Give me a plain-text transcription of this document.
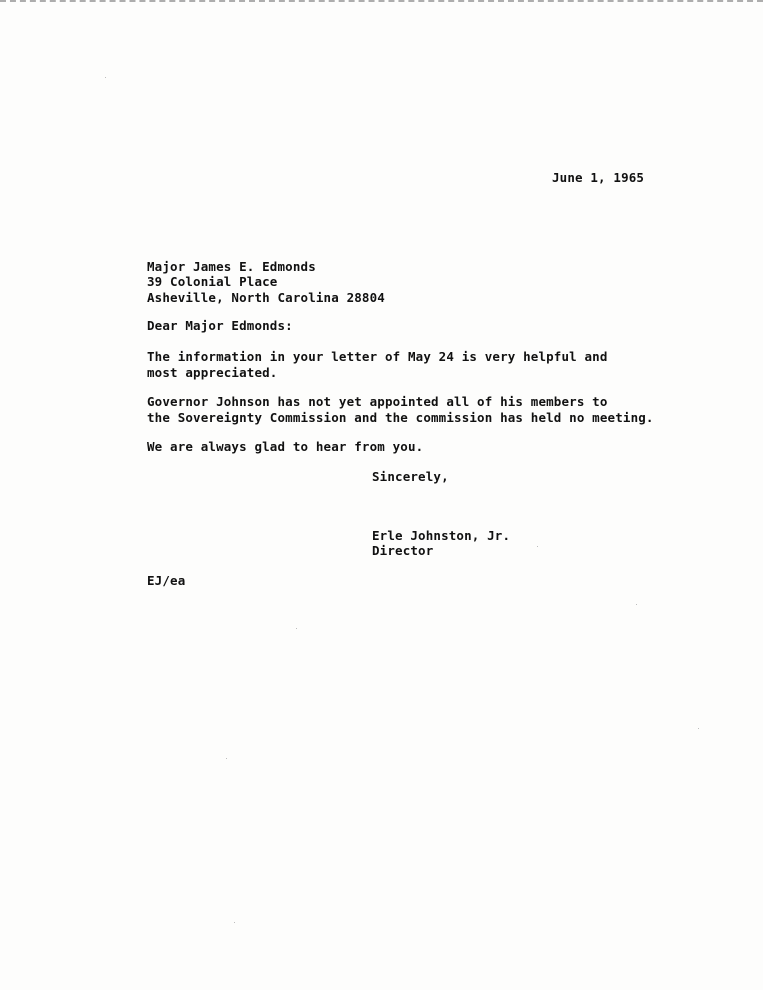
June 1, 1965
Major James E. Edmonds
39 Colonial Place
Asheville, North Carolina 28804
Dear Major Edmonds:
The information in your letter of May 24 is very helpful and
most appreciated.
Governor Johnson has not yet appointed all of his members to
the Sovereignty Commission and the commission has held no meeting.
We are always glad to hear from you.
Sincerely,
Erle Johnston, Jr.
Director
EJ/ea
